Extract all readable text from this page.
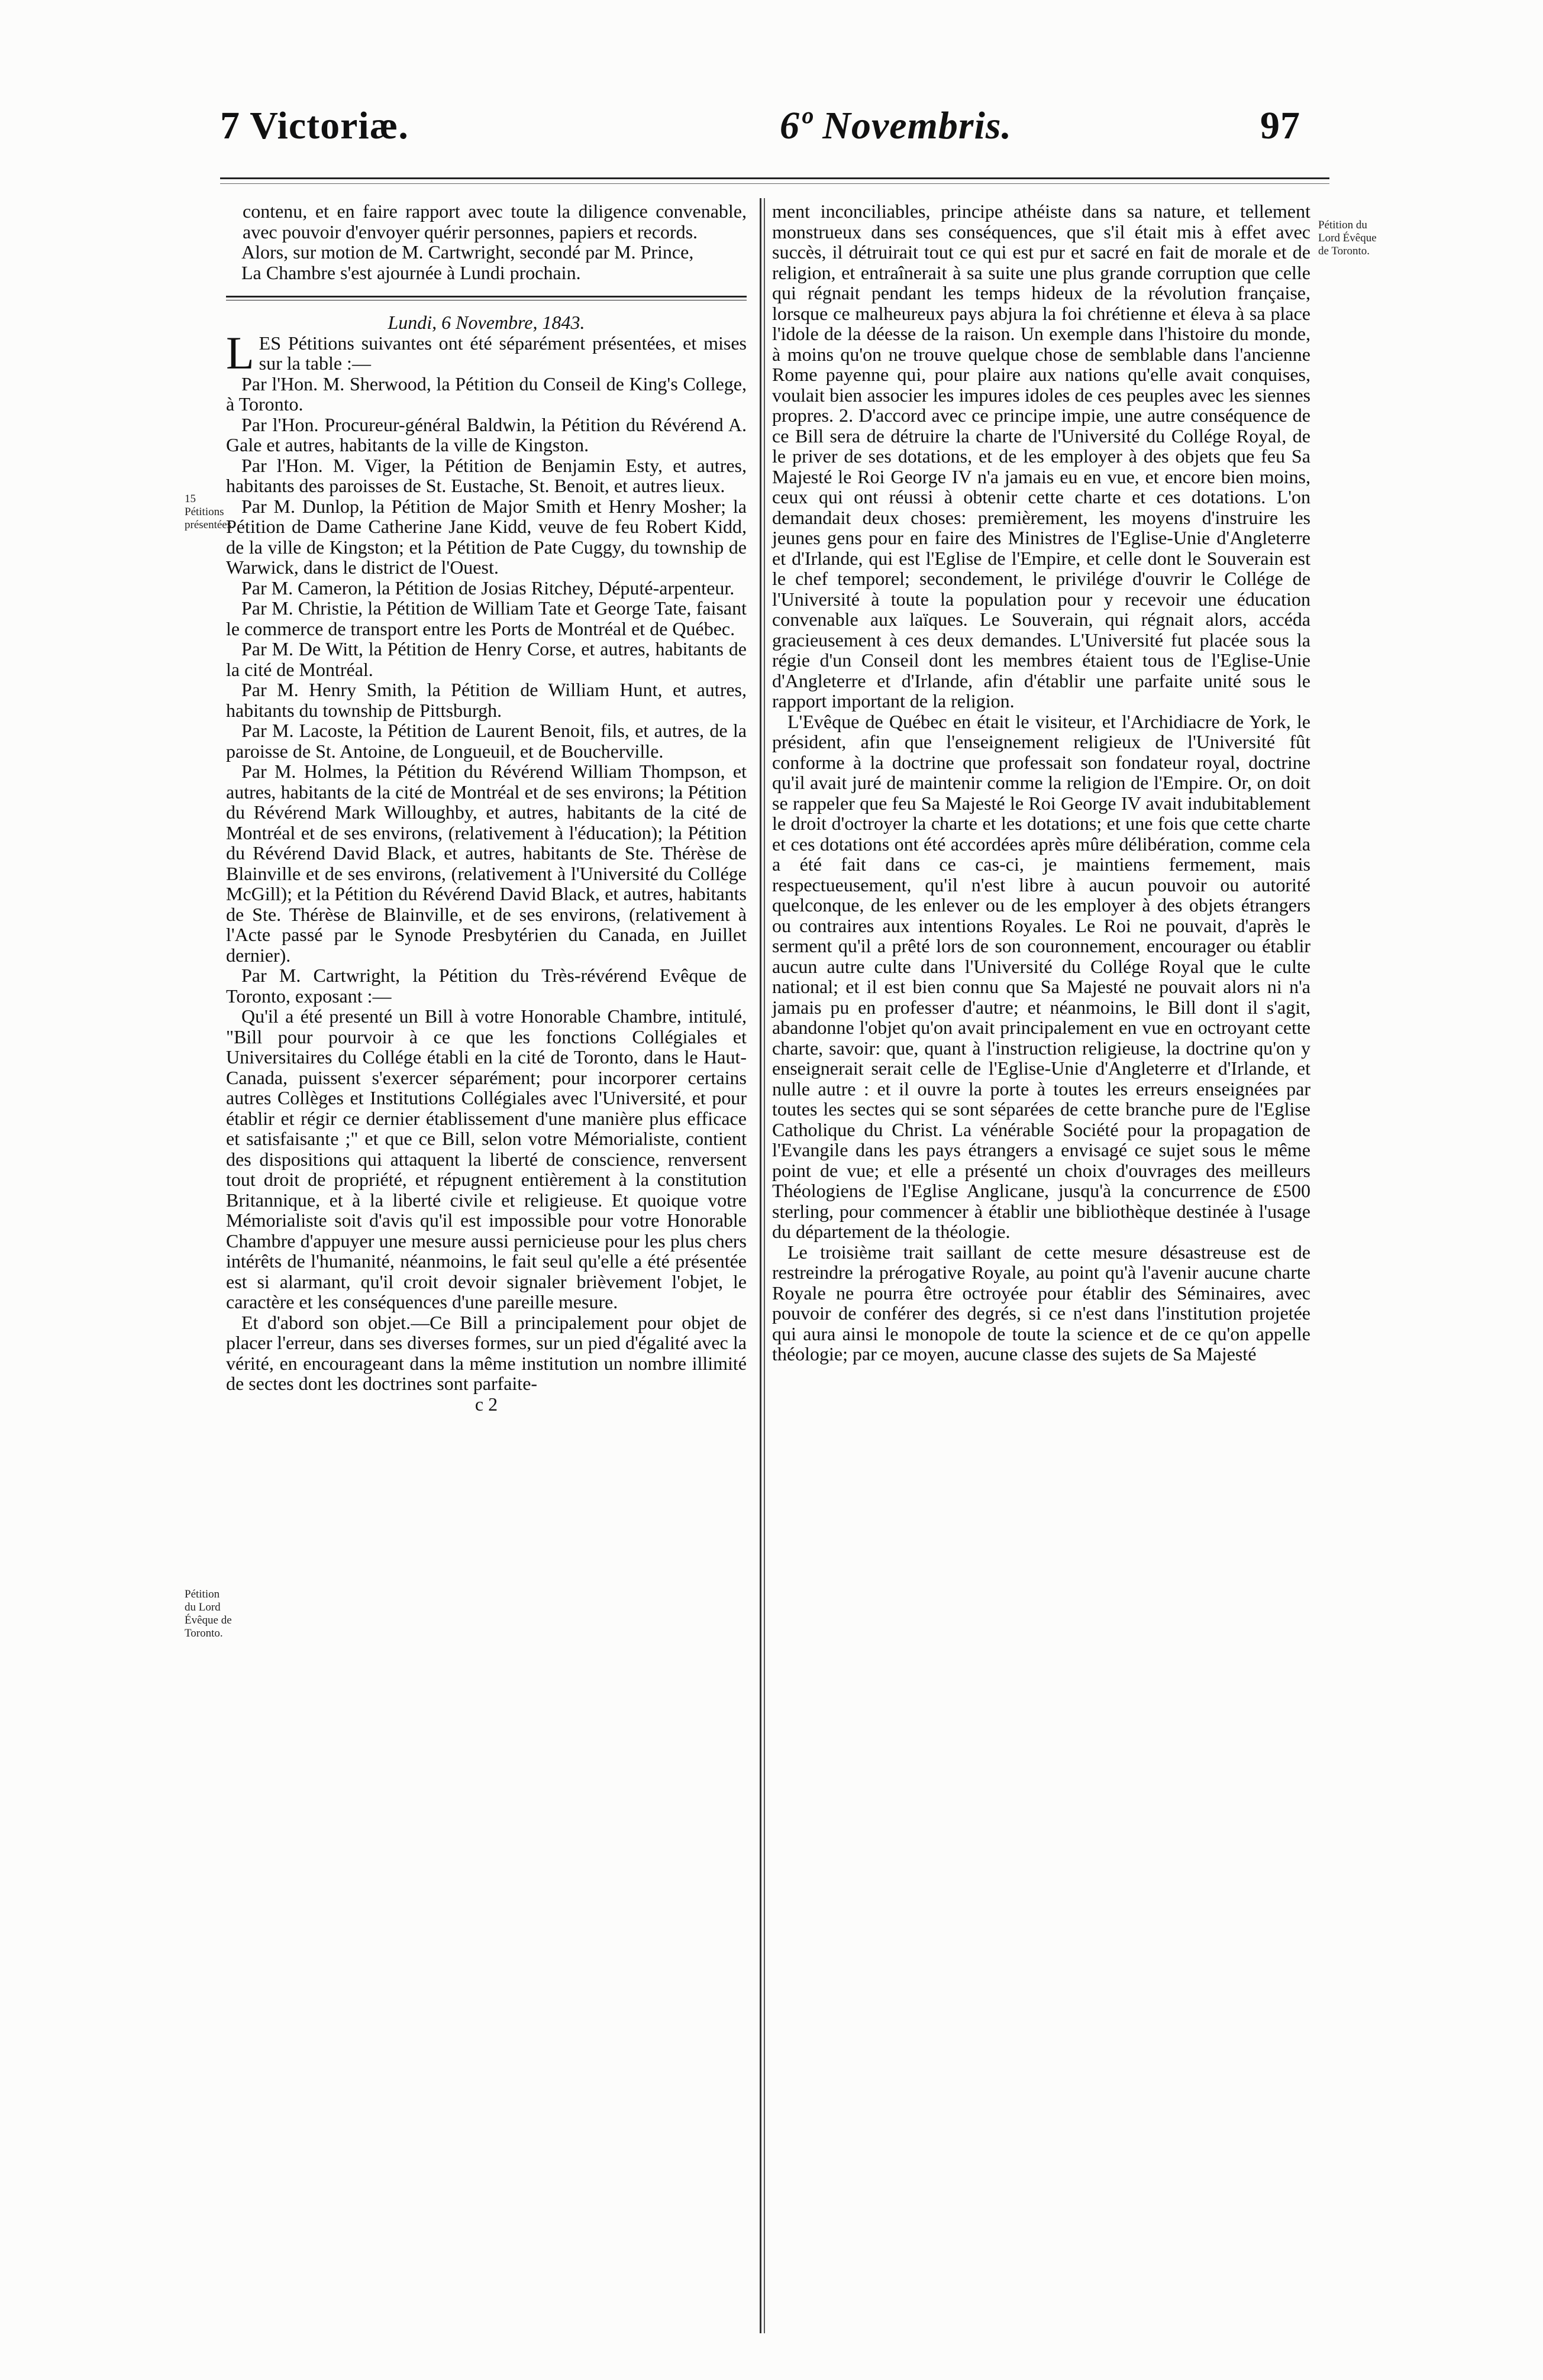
7 Victoriæ.	6º Novembris.	97
15 Pétitions présentées.
Pétition du Lord Évêque de Toronto.
Pétition du Lord Évêque de Toronto.

contenu, et en faire rapport avec toute la diligence convenable, avec pouvoir d'envoyer quérir personnes, papiers et records.

Alors, sur motion de M. Cartwright, secondé par M. Prince,

La Chambre s'est ajournée à Lundi prochain.

Lundi, 6 Novembre, 1843.

LES Pétitions suivantes ont été séparément présentées, et mises sur la table :—

Par l'Hon. M. Sherwood, la Pétition du Conseil de King's College, à Toronto.

Par l'Hon. Procureur-général Baldwin, la Pétition du Révérend A. Gale et autres, habitants de la ville de Kingston.

Par l'Hon. M. Viger, la Pétition de Benjamin Esty, et autres, habitants des paroisses de St. Eustache, St. Benoit, et autres lieux.

Par M. Dunlop, la Pétition de Major Smith et Henry Mosher; la Pétition de Dame Catherine Jane Kidd, veuve de feu Robert Kidd, de la ville de Kingston; et la Pétition de Pate Cuggy, du township de Warwick, dans le district de l'Ouest.

Par M. Cameron, la Pétition de Josias Ritchey, Député-arpenteur.

Par M. Christie, la Pétition de William Tate et George Tate, faisant le commerce de transport entre les Ports de Montréal et de Québec.

Par M. De Witt, la Pétition de Henry Corse, et autres, habitants de la cité de Montréal.

Par M. Henry Smith, la Pétition de William Hunt, et autres, habitants du township de Pittsburgh.

Par M. Lacoste, la Pétition de Laurent Benoit, fils, et autres, de la paroisse de St. Antoine, de Longueuil, et de Boucherville.

Par M. Holmes, la Pétition du Révérend William Thompson, et autres, habitants de la cité de Montréal et de ses environs; la Pétition du Révérend Mark Willoughby, et autres, habitants de la cité de Montréal et de ses environs, (relativement à l'éducation); la Pétition du Révérend David Black, et autres, habitants de Ste. Thérèse de Blainville et de ses environs, (relativement à l'Université du Collége McGill); et la Pétition du Révérend David Black, et autres, habitants de Ste. Thérèse de Blainville, et de ses environs, (relativement à l'Acte passé par le Synode Presbytérien du Canada, en Juillet dernier).

Par M. Cartwright, la Pétition du Très-révérend Evêque de Toronto, exposant :—

Qu'il a été presenté un Bill à votre Honorable Chambre, intitulé, "Bill pour pourvoir à ce que les fonctions Collégiales et Universitaires du Collége établi en la cité de Toronto, dans le Haut-Canada, puissent s'exercer séparément; pour incorporer certains autres Collèges et Institutions Collégiales avec l'Université, et pour établir et régir ce dernier établissement d'une manière plus efficace et satisfaisante ;" et que ce Bill, selon votre Mémorialiste, contient des dispositions qui attaquent la liberté de conscience, renversent tout droit de propriété, et répugnent entièrement à la constitution Britannique, et à la liberté civile et religieuse. Et quoique votre Mémorialiste soit d'avis qu'il est impossible pour votre Honorable Chambre d'appuyer une mesure aussi pernicieuse pour les plus chers intérêts de l'humanité, néanmoins, le fait seul qu'elle a été présentée est si alarmant, qu'il croit devoir signaler brièvement l'objet, le caractère et les conséquences d'une pareille mesure.

Et d'abord son objet.—Ce Bill a principalement pour objet de placer l'erreur, dans ses diverses formes, sur un pied d'égalité avec la vérité, en encourageant dans la même institution un nombre illimité de sectes dont les doctrines sont parfaite-

c 2

ment inconciliables, principe athéiste dans sa nature, et tellement monstrueux dans ses conséquences, que s'il était mis à effet avec succès, il détruirait tout ce qui est pur et sacré en fait de morale et de religion, et entraînerait à sa suite une plus grande corruption que celle qui régnait pendant les temps hideux de la révolution française, lorsque ce malheureux pays abjura la foi chrétienne et éleva à sa place l'idole de la déesse de la raison. Un exemple dans l'histoire du monde, à moins qu'on ne trouve quelque chose de semblable dans l'ancienne Rome payenne qui, pour plaire aux nations qu'elle avait conquises, voulait bien associer les impures idoles de ces peuples avec les siennes propres. 2. D'accord avec ce principe impie, une autre conséquence de ce Bill sera de détruire la charte de l'Université du Collége Royal, de le priver de ses dotations, et de les employer à des objets que feu Sa Majesté le Roi George IV n'a jamais eu en vue, et encore bien moins, ceux qui ont réussi à obtenir cette charte et ces dotations. L'on demandait deux choses: premièrement, les moyens d'instruire les jeunes gens pour en faire des Ministres de l'Eglise-Unie d'Angleterre et d'Irlande, qui est l'Eglise de l'Empire, et celle dont le Souverain est le chef temporel; secondement, le privilége d'ouvrir le Collége de l'Université à toute la population pour y recevoir une éducation convenable aux laïques. Le Souverain, qui régnait alors, accéda gracieusement à ces deux demandes. L'Université fut placée sous la régie d'un Conseil dont les membres étaient tous de l'Eglise-Unie d'Angleterre et d'Irlande, afin d'établir une parfaite unité sous le rapport important de la religion.

L'Evêque de Québec en était le visiteur, et l'Archidiacre de York, le président, afin que l'enseignement religieux de l'Université fût conforme à la doctrine que professait son fondateur royal, doctrine qu'il avait juré de maintenir comme la religion de l'Empire. Or, on doit se rappeler que feu Sa Majesté le Roi George IV avait indubitablement le droit d'octroyer la charte et les dotations; et une fois que cette charte et ces dotations ont été accordées après mûre délibération, comme cela a été fait dans ce cas-ci, je maintiens fermement, mais respectueusement, qu'il n'est libre à aucun pouvoir ou autorité quelconque, de les enlever ou de les employer à des objets étrangers ou contraires aux intentions Royales. Le Roi ne pouvait, d'après le serment qu'il a prêté lors de son couronnement, encourager ou établir aucun autre culte dans l'Université du Collége Royal que le culte national; et il est bien connu que Sa Majesté ne pouvait alors ni n'a jamais pu en professer d'autre; et néanmoins, le Bill dont il s'agit, abandonne l'objet qu'on avait principalement en vue en octroyant cette charte, savoir: que, quant à l'instruction religieuse, la doctrine qu'on y enseignerait serait celle de l'Eglise-Unie d'Angleterre et d'Irlande, et nulle autre : et il ouvre la porte à toutes les erreurs enseignées par toutes les sectes qui se sont séparées de cette branche pure de l'Eglise Catholique du Christ. La vénérable Société pour la propagation de l'Evangile dans les pays étrangers a envisagé ce sujet sous le même point de vue; et elle a présenté un choix d'ouvrages des meilleurs Théologiens de l'Eglise Anglicane, jusqu'à la concurrence de £500 sterling, pour commencer à établir une bibliothèque destinée à l'usage du département de la théologie.

Le troisième trait saillant de cette mesure désastreuse est de restreindre la prérogative Royale, au point qu'à l'avenir aucune charte Royale ne pourra être octroyée pour établir des Séminaires, avec pouvoir de conférer des degrés, si ce n'est dans l'institution projetée qui aura ainsi le monopole de toute la science et de ce qu'on appelle théologie; par ce moyen, aucune classe des sujets de Sa Majesté
